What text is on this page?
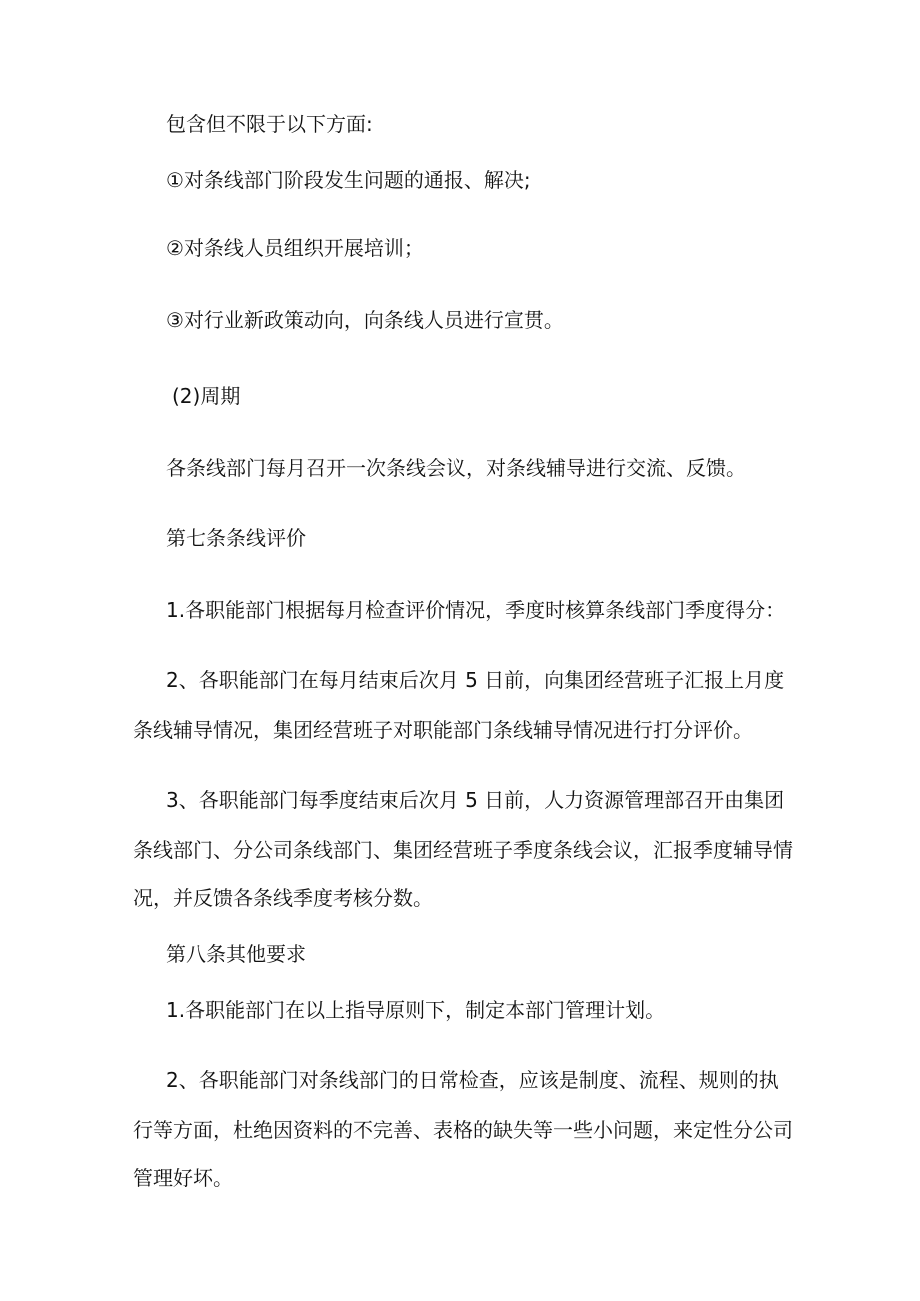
包含但不限于以下方面:
①对条线部门阶段发生问题的通报、解决;
②对条线人员组织开展培训；
③对行业新政策动向，向条线人员进行宣贯。
(2)周期
各条线部门每月召开一次条线会议，对条线辅导进行交流、反馈。
第七条条线评价
1.各职能部门根据每月检查评价情况，季度时核算条线部门季度得分：
2、各职能部门在每月结束后次月 5 日前，向集团经营班子汇报上月度
条线辅导情况，集团经营班子对职能部门条线辅导情况进行打分评价。
3、各职能部门每季度结束后次月 5 日前，人力资源管理部召开由集团
条线部门、分公司条线部门、集团经营班子季度条线会议，汇报季度辅导情
况，并反馈各条线季度考核分数。
第八条其他要求
1.各职能部门在以上指导原则下，制定本部门管理计划。
2、各职能部门对条线部门的日常检查，应该是制度、流程、规则的执
行等方面，杜绝因资料的不完善、表格的缺失等一些小问题，来定性分公司
管理好坏。
